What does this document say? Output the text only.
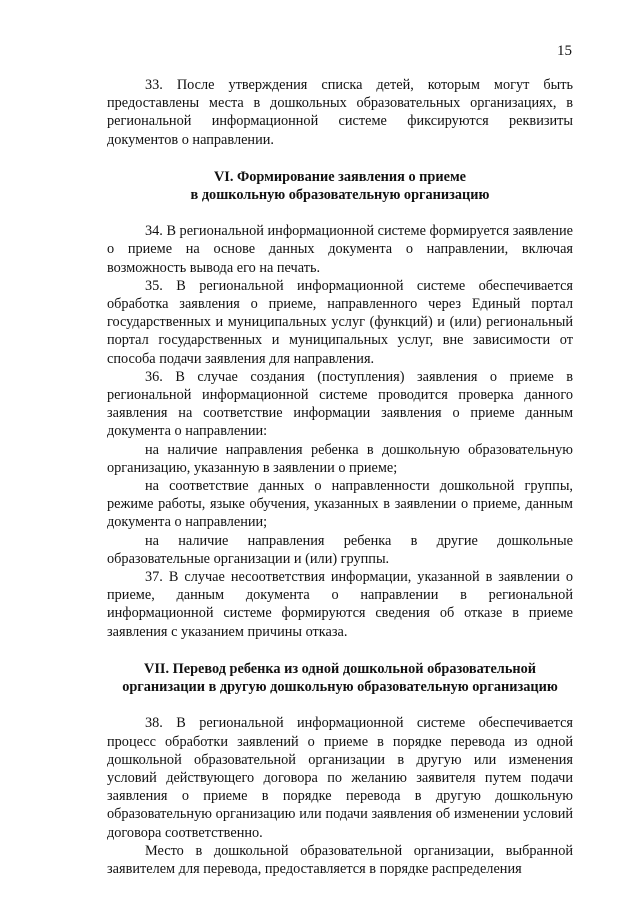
15

33. После утверждения списка детей, которым могут быть предоставлены места в дошкольных образовательных организациях, в региональной информационной системе фиксируются реквизиты документов о направлении.

VI. Формирование заявления о приеме
в дошкольную образовательную организацию

34. В региональной информационной системе формируется заявление о приеме на основе данных документа о направлении, включая возможность вывода его на печать.

35. В региональной информационной системе обеспечивается обработка заявления о приеме, направленного через Единый портал государственных и муниципальных услуг (функций) и (или) региональный портал государственных и муниципальных услуг, вне зависимости от способа подачи заявления для направления.

36. В случае создания (поступления) заявления о приеме в региональной информационной системе проводится проверка данного заявления на соответствие информации заявления о приеме данным документа о направлении:

на наличие направления ребенка в дошкольную образовательную организацию, указанную в заявлении о приеме;

на соответствие данных о направленности дошкольной группы, режиме работы, языке обучения, указанных в заявлении о приеме, данным документа о направлении;

на наличие направления ребенка в другие дошкольные образовательные организации и (или) группы.

37. В случае несоответствия информации, указанной в заявлении о приеме, данным документа о направлении в региональной информационной системе формируются сведения об отказе в приеме заявления с указанием причины отказа.

VII. Перевод ребенка из одной дошкольной образовательной
организации в другую дошкольную образовательную организацию

38. В региональной информационной системе обеспечивается процесс обработки заявлений о приеме в порядке перевода из одной дошкольной образовательной организации в другую или изменения условий действующего договора по желанию заявителя путем подачи заявления о приеме в порядке перевода в другую дошкольную образовательную организацию или подачи заявления об изменении условий договора соответственно.

Место в дошкольной образовательной организации, выбранной заявителем для перевода, предоставляется в порядке распределения
